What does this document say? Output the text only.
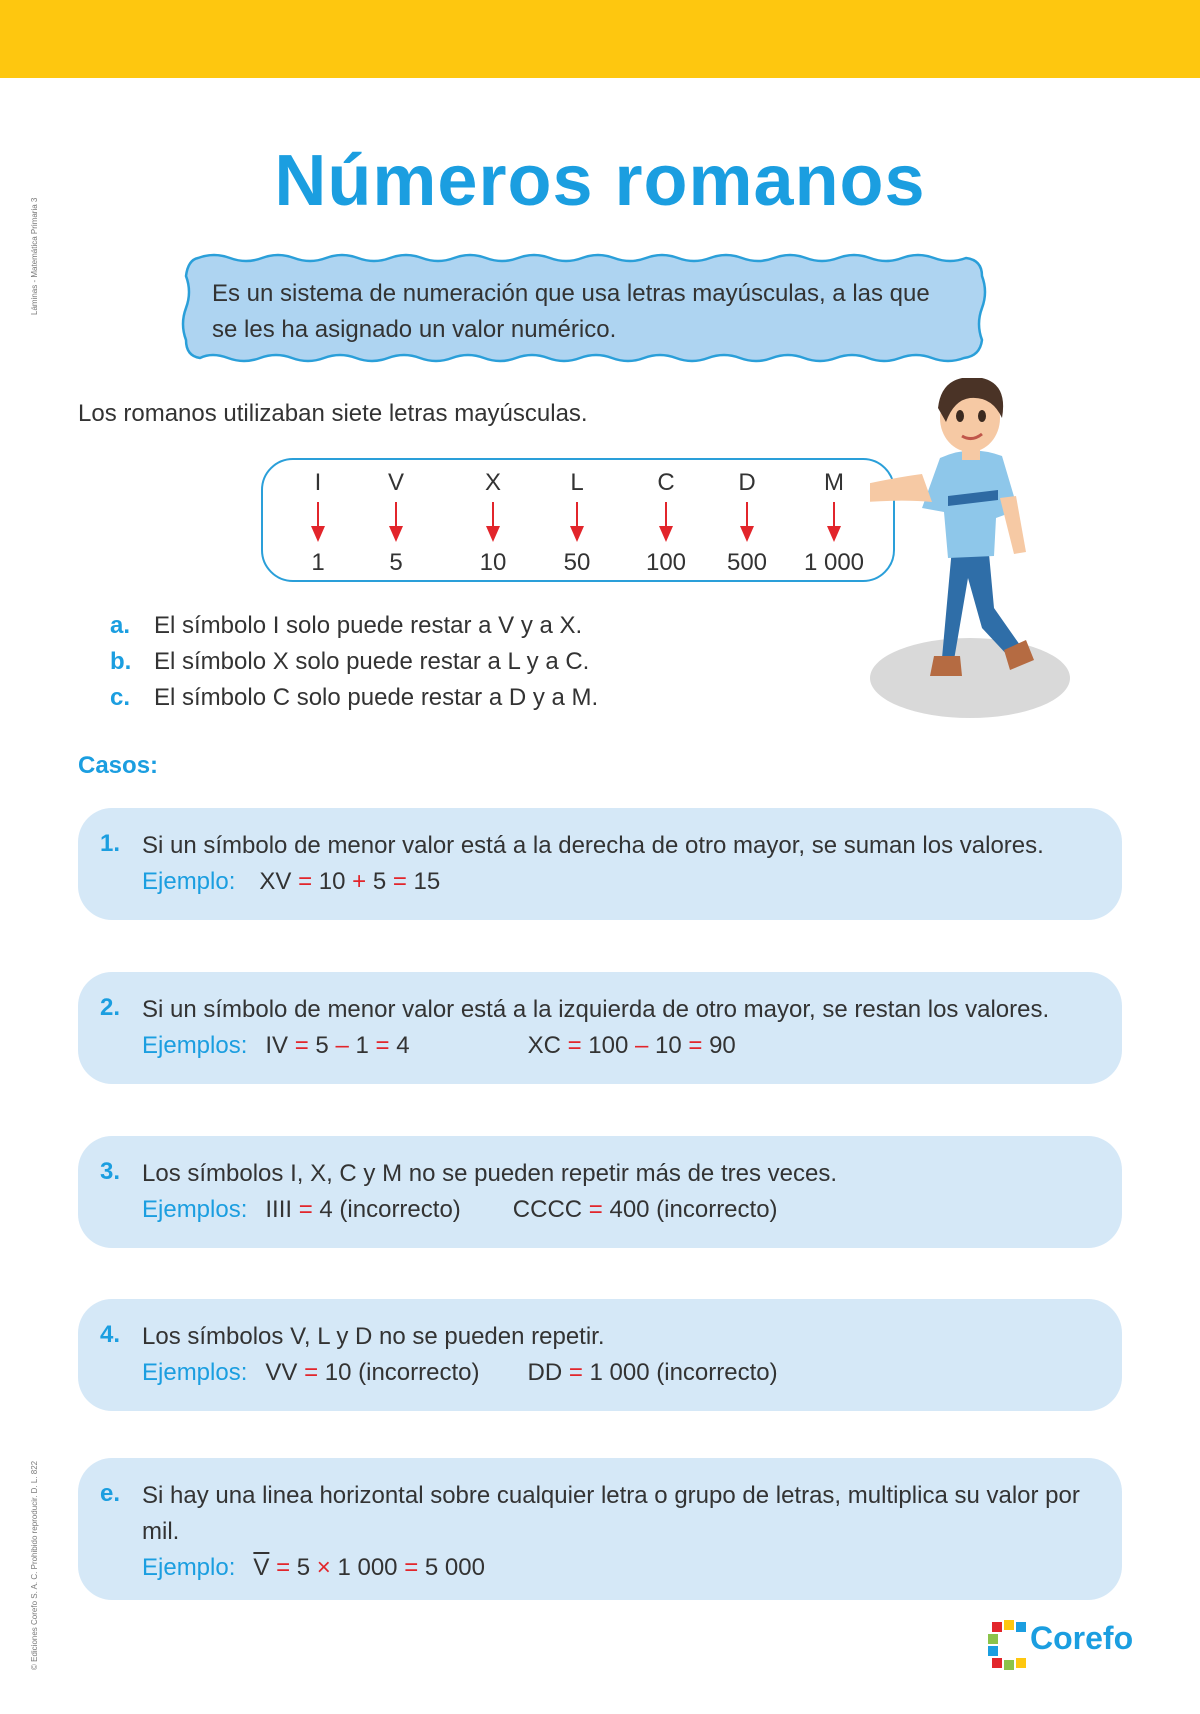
Láminas - Matemática Primaria 3
© Ediciones Corefo S. A. C. Prohibido reproducir. D. L. 822
Números romanos
Es un sistema de numeración que usa letras mayúsculas, a las que se les ha asignado un valor numérico.
Los romanos utilizaban siete letras mayúsculas.
I
1
V
5
X
10
L
50
C
100
D
500
M
1 000
a. El símbolo I solo puede restar a V y a X.
b. El símbolo X solo puede restar a L y a C.
c. El símbolo C solo puede restar a D y a M.
Casos:
1. Si un símbolo de menor valor está a la derecha de otro mayor, se suman los valores.
Ejemplo: XV = 10 + 5 = 15
2. Si un símbolo de menor valor está a la izquierda de otro mayor, se restan los valores.
Ejemplos: IV = 5 – 1 = 4	XC = 100 – 10 = 90
3. Los símbolos I, X, C y M no se pueden repetir más de tres veces.
Ejemplos: IIII = 4 (incorrecto) CCCC = 400 (incorrecto)
4. Los símbolos V, L y D no se pueden repetir.
Ejemplos: VV = 10 (incorrecto) DD = 1 000 (incorrecto)
e. Si hay una linea horizontal sobre cualquier letra o grupo de letras, multiplica su valor por mil.
Ejemplo: $\overline{V} = 5 \times 1$ 000 = 5 000
Corefo
